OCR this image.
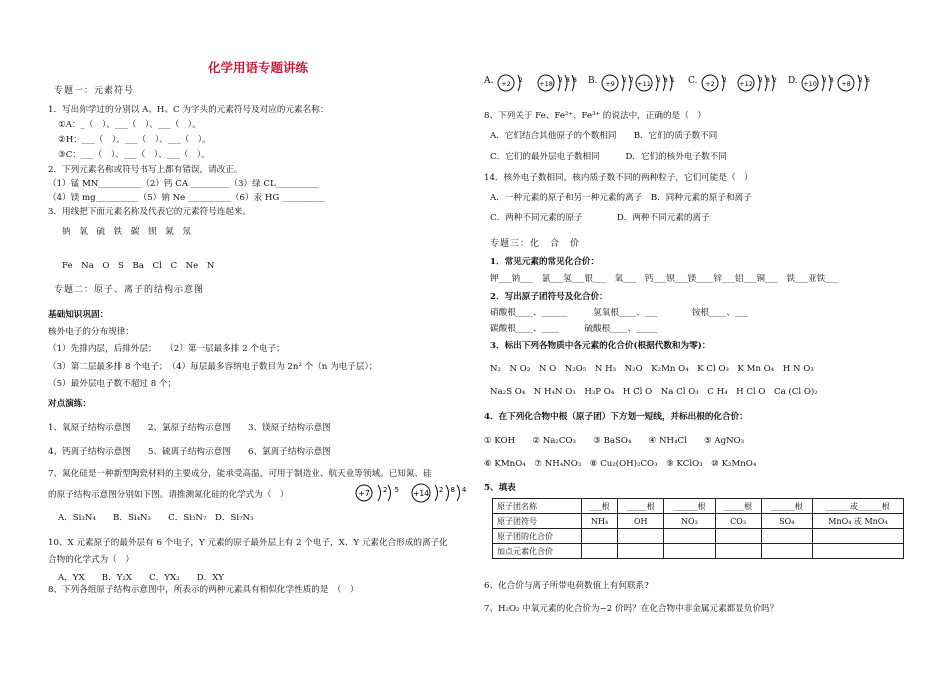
化学用语专题讲练
专题一：元素符号
1．写出你学过的分别以 A、H、C 为字头的元素符号及对应的元素名称：
①A：_（　）、___（　）、___（　）。
②H：___（　）、___（　）、___（　）。
③C：___（　）、___（　）、___（　）。
2．下列元素名称或符号书写上都有错误，请改正。
（1）锰 MN__________（2）钙 CA _________（3）绿 CL__________
（4）镁 mg__________（5）钠 Ne __________（6）汞 HG __________
3．用线把下面元素名称及代表它的元素符号连起来。
钠　氧　硫　铁　碳　钡　氮　氖
Fe　Na　O　S　Ba　Cl　C　Ne　N
专题二：原子、离子的结构示意图
基础知识巩固：
核外电子的分布规律：
（1）先排内层，后排外层；　　（2）第一层最多排 2 个电子；
（3）第二层最多排 8 个电子；　（4）每层最多容纳电子数目为 2n² 个（n 为电子层）；
（5）最外层电子数不超过 8 个；
对点演练：
1、氧原子结构示意图　　2、氯原子结构示意图　　3、镁原子结构示意图
4、钙离子结构示意图　　5、硫离子结构示意图　　6、氯离子结构示意图
7、氮化硅是一种新型陶瓷材料的主要成分，能承受高温，可用于制造业、航天业等领域。已知氮、硅
的原子结构示意图分别如下图。请推测氮化硅的化学式为（　）	+7 2　5 +14 2　8　4
A．Si₃N₄　　B．Si₄N₃　　C．Si₃N₇　D．Si₇N₃
10、X 元素原子的最外层有 6 个电子，Y 元素的原子最外层上有 2 个电子，X、Y 元素化合形成的离子化
合物的化学式为（　）
A．YX　　B．Y₂X　　C．YX₂　　D．XY
8、下列各组原子结构示意图中，所表示的两种元素具有相似化学性质的是　（　）
A. +2 2	+18 2 8 8 B. +9 2 7 +11 2 8 1 C. +2 2 +12 2 8 2 D. +10 2 8 +8 2 6
8、下列关于 Fe、Fe²⁺、Fe³⁺ 的说法中，正确的是（　）
A．它们结合其他原子的个数相同　　B．它们的质子数不同
C．它们的最外层电子数相同　　　D．它们的核外电子数不同
14．核外电子数相同，核内质子数不同的两种粒子，它们可能是（　）
A．一种元素的原子和另一种元素的离子　B．同种元素的原子和离子
C．两种不同元素的原子　　　　D．两种不同元素的离子
专题三：化　合　价
1．常见元素的常见化合价：
钾___钠___　氯___氢___银___　氧___　钙___钡___镁____锌___铝___铜___　铁___亚铁___
2．写出原子团符号及化合价：
硝酸根____、______　　　氢氧根____、___　　　　铵根____、___
碳酸根____、____　　　硫酸根____、_____
3．标出下列各物质中各元素的化合价(根据代数和为零)：
N₂　N O₂　N O　N₂O₅　N H₃　N₂O　K₂Mn O₄　K Cl O₃　K Mn O₄　H N O₃
Na₂S O₄　N H₄N O₃　H₃P O₄　H Cl O　Na Cl O₃　C H₄　H Cl O　Ca (Cl O)₂
4．在下列化合物中根（原子团）下方划一短线，并标出根的化合价：
① KOH　　② Na₂CO₃　　③ BaSO₄　　④ NH₄Cl　　⑤ AgNO₃
⑥ KMnO₄　⑦ NH₄NO₃　⑧ Cu₂(OH)₂CO₃　⑨ KClO₃　⑩ K₂MnO₄
5、填表
原子团名称	___根	_____根	______根	_____根	______根	______或______根
原子团符号	NH₄	OH	NO₃	CO₃	SO₄	MnO₄ 或 MnO₄
原子团的化合价						
加点元素化合价						
6、化合价与离子所带电荷数值上有何联系?
7、H₂O₂ 中氧元素的化合价为−2 价吗？在化合物中非金属元素都显负价吗？
